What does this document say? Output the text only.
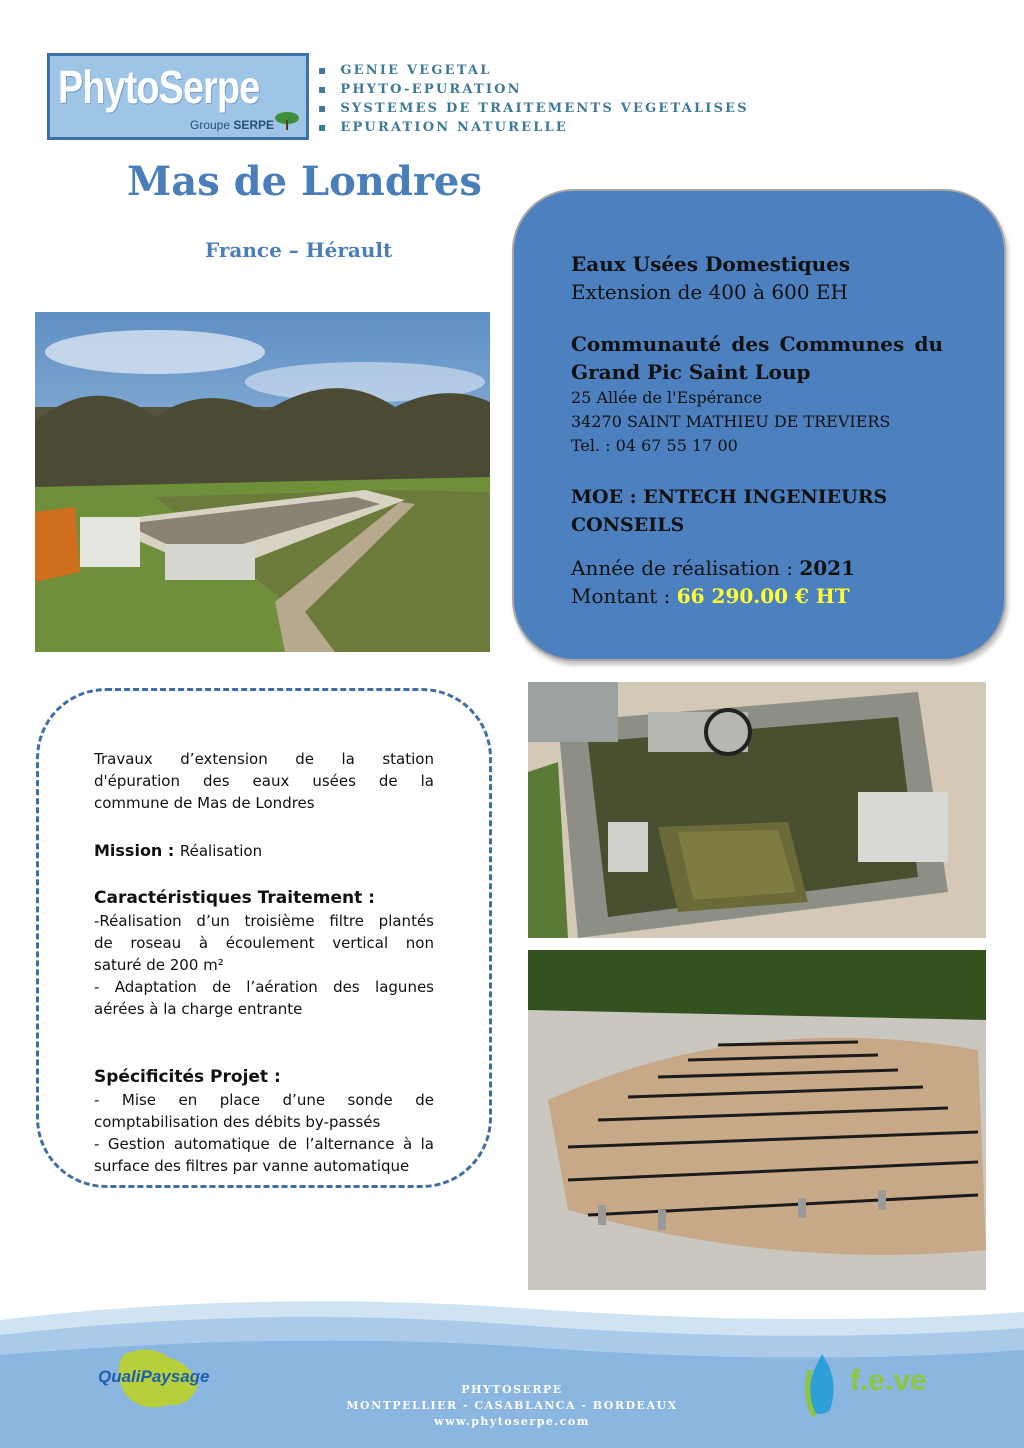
PhytoSerpe
Groupe SERPE
▪ GENIE VEGETAL
▪ PHYTO-EPURATION
▪ SYSTEMES DE TRAITEMENTS VEGETALISES
▪ EPURATION NATURELLE
Mas de Londres
France – Hérault
Eaux Usées Domestiques
Extension de 400 à 600 EH
Communauté des Communes du
Grand Pic Saint Loup
25 Allée de l'Espérance
34270 SAINT MATHIEU DE TREVIERS
Tel. : 04 67 55 17 00
MOE : ENTECH INGENIEURS
CONSEILS
Année de réalisation : 2021
Montant : 66 290.00 € HT
Travaux d’extension de la station
d'épuration des eaux usées de la
commune de Mas de Londres
Mission : Réalisation
Caractéristiques Traitement :
-Réalisation d’un troisième filtre plantés
de roseau à écoulement vertical non
saturé de 200 m²
- Adaptation de l’aération des lagunes
aérées à la charge entrante
Spécificités Projet :
- Mise en place d’une sonde de
comptabilisation des débits by-passés
- Gestion automatique de l’alternance à la
surface des filtres par vanne automatique
QualiPaysage
PHYTOSERPE
MONTPELLIER - CASABLANCA - BORDEAUX
www.phytoserpe.com
f.e.ve
